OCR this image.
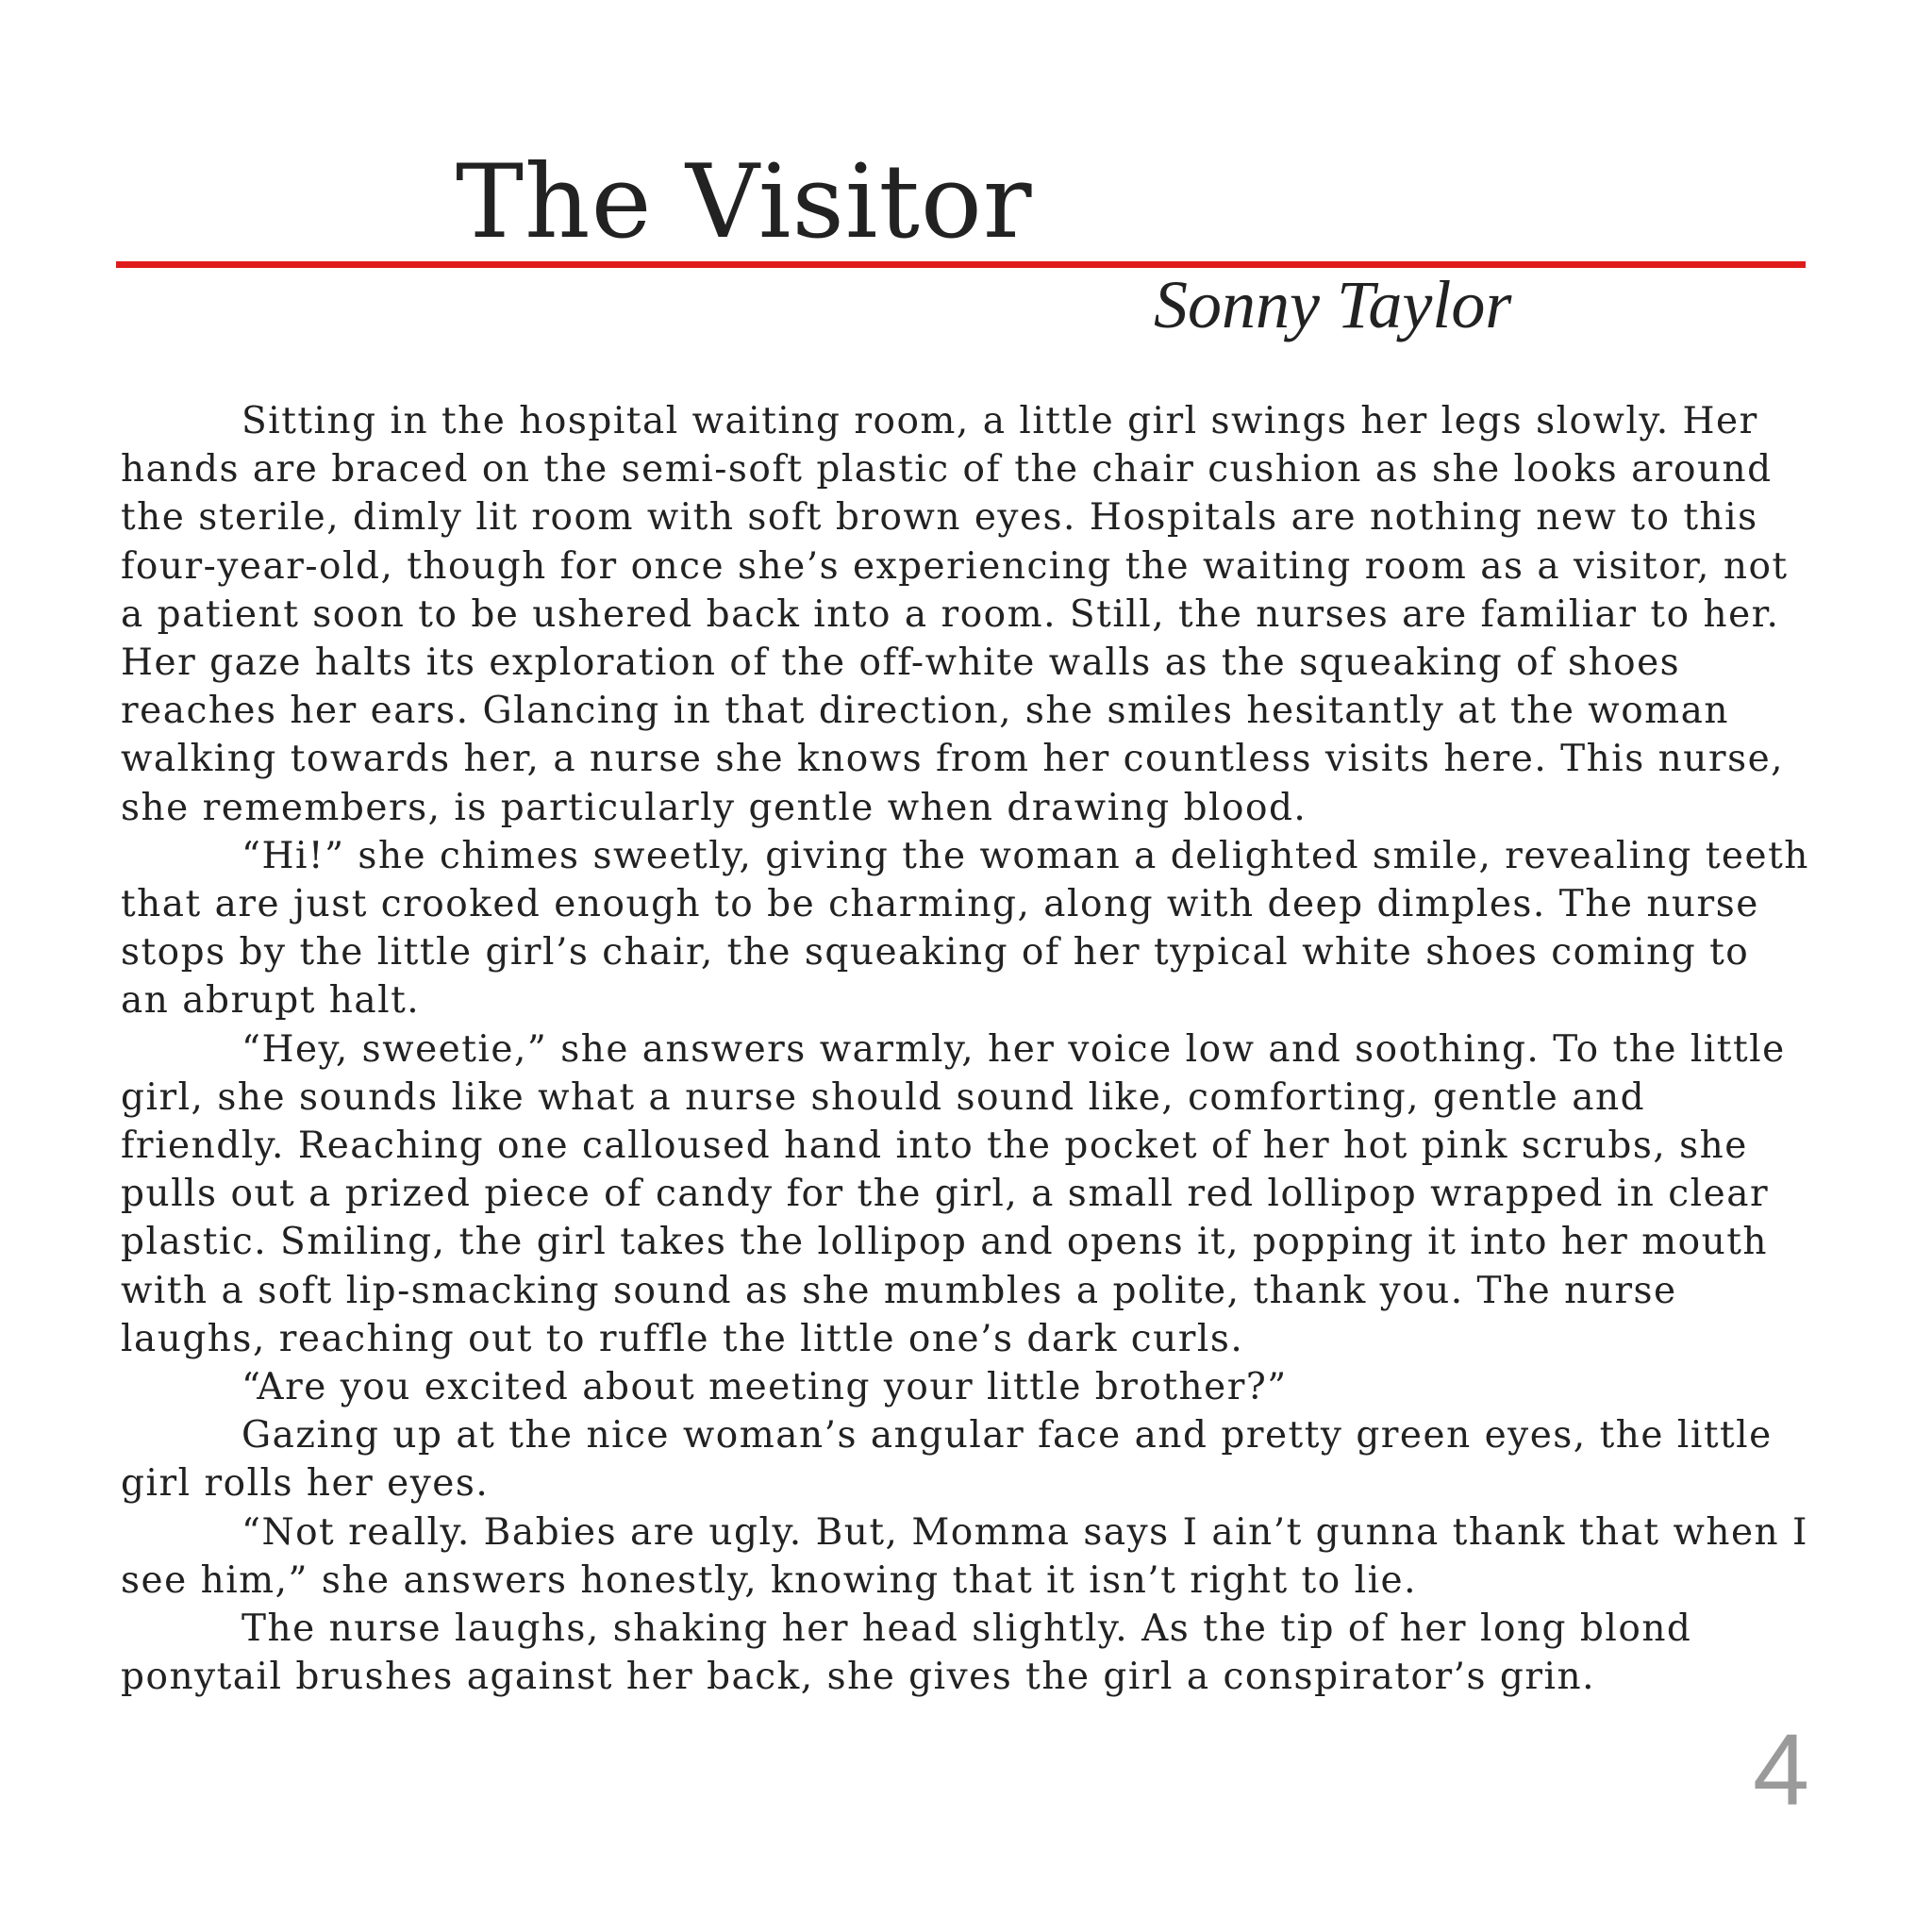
The Visitor
Sonny Taylor

Sitting in the hospital waiting room, a little girl swings her legs slowly. Her hands are braced on the semi-soft plastic of the chair cushion as she looks around the sterile, dimly lit room with soft brown eyes. Hospitals are nothing new to this four-year-old, though for once she’s experiencing the waiting room as a visitor, not a patient soon to be ushered back into a room. Still, the nurses are familiar to her. Her gaze halts its exploration of the off-white walls as the squeaking of shoes reaches her ears. Glancing in that direction, she smiles hesitantly at the woman walking towards her, a nurse she knows from her countless visits here. This nurse, she remembers, is particularly gentle when drawing blood.

“Hi!” she chimes sweetly, giving the woman a delighted smile, revealing teeth that are just crooked enough to be charming, along with deep dimples. The nurse stops by the little girl’s chair, the squeaking of her typical white shoes coming to an abrupt halt.

“Hey, sweetie,” she answers warmly, her voice low and soothing. To the little girl, she sounds like what a nurse should sound like, comforting, gentle and friendly. Reaching one calloused hand into the pocket of her hot pink scrubs, she pulls out a prized piece of candy for the girl, a small red lollipop wrapped in clear plastic. Smiling, the girl takes the lollipop and opens it, popping it into her mouth with a soft lip-smacking sound as she mumbles a polite, thank you. The nurse laughs, reaching out to ruffle the little one’s dark curls.

“Are you excited about meeting your little brother?”

Gazing up at the nice woman’s angular face and pretty green eyes, the little girl rolls her eyes.

“Not really. Babies are ugly. But, Momma says I ain’t gunna thank that when I see him,” she answers honestly, knowing that it isn’t right to lie.

The nurse laughs, shaking her head slightly. As the tip of her long blond ponytail brushes against her back, she gives the girl a conspirator’s grin.

4
